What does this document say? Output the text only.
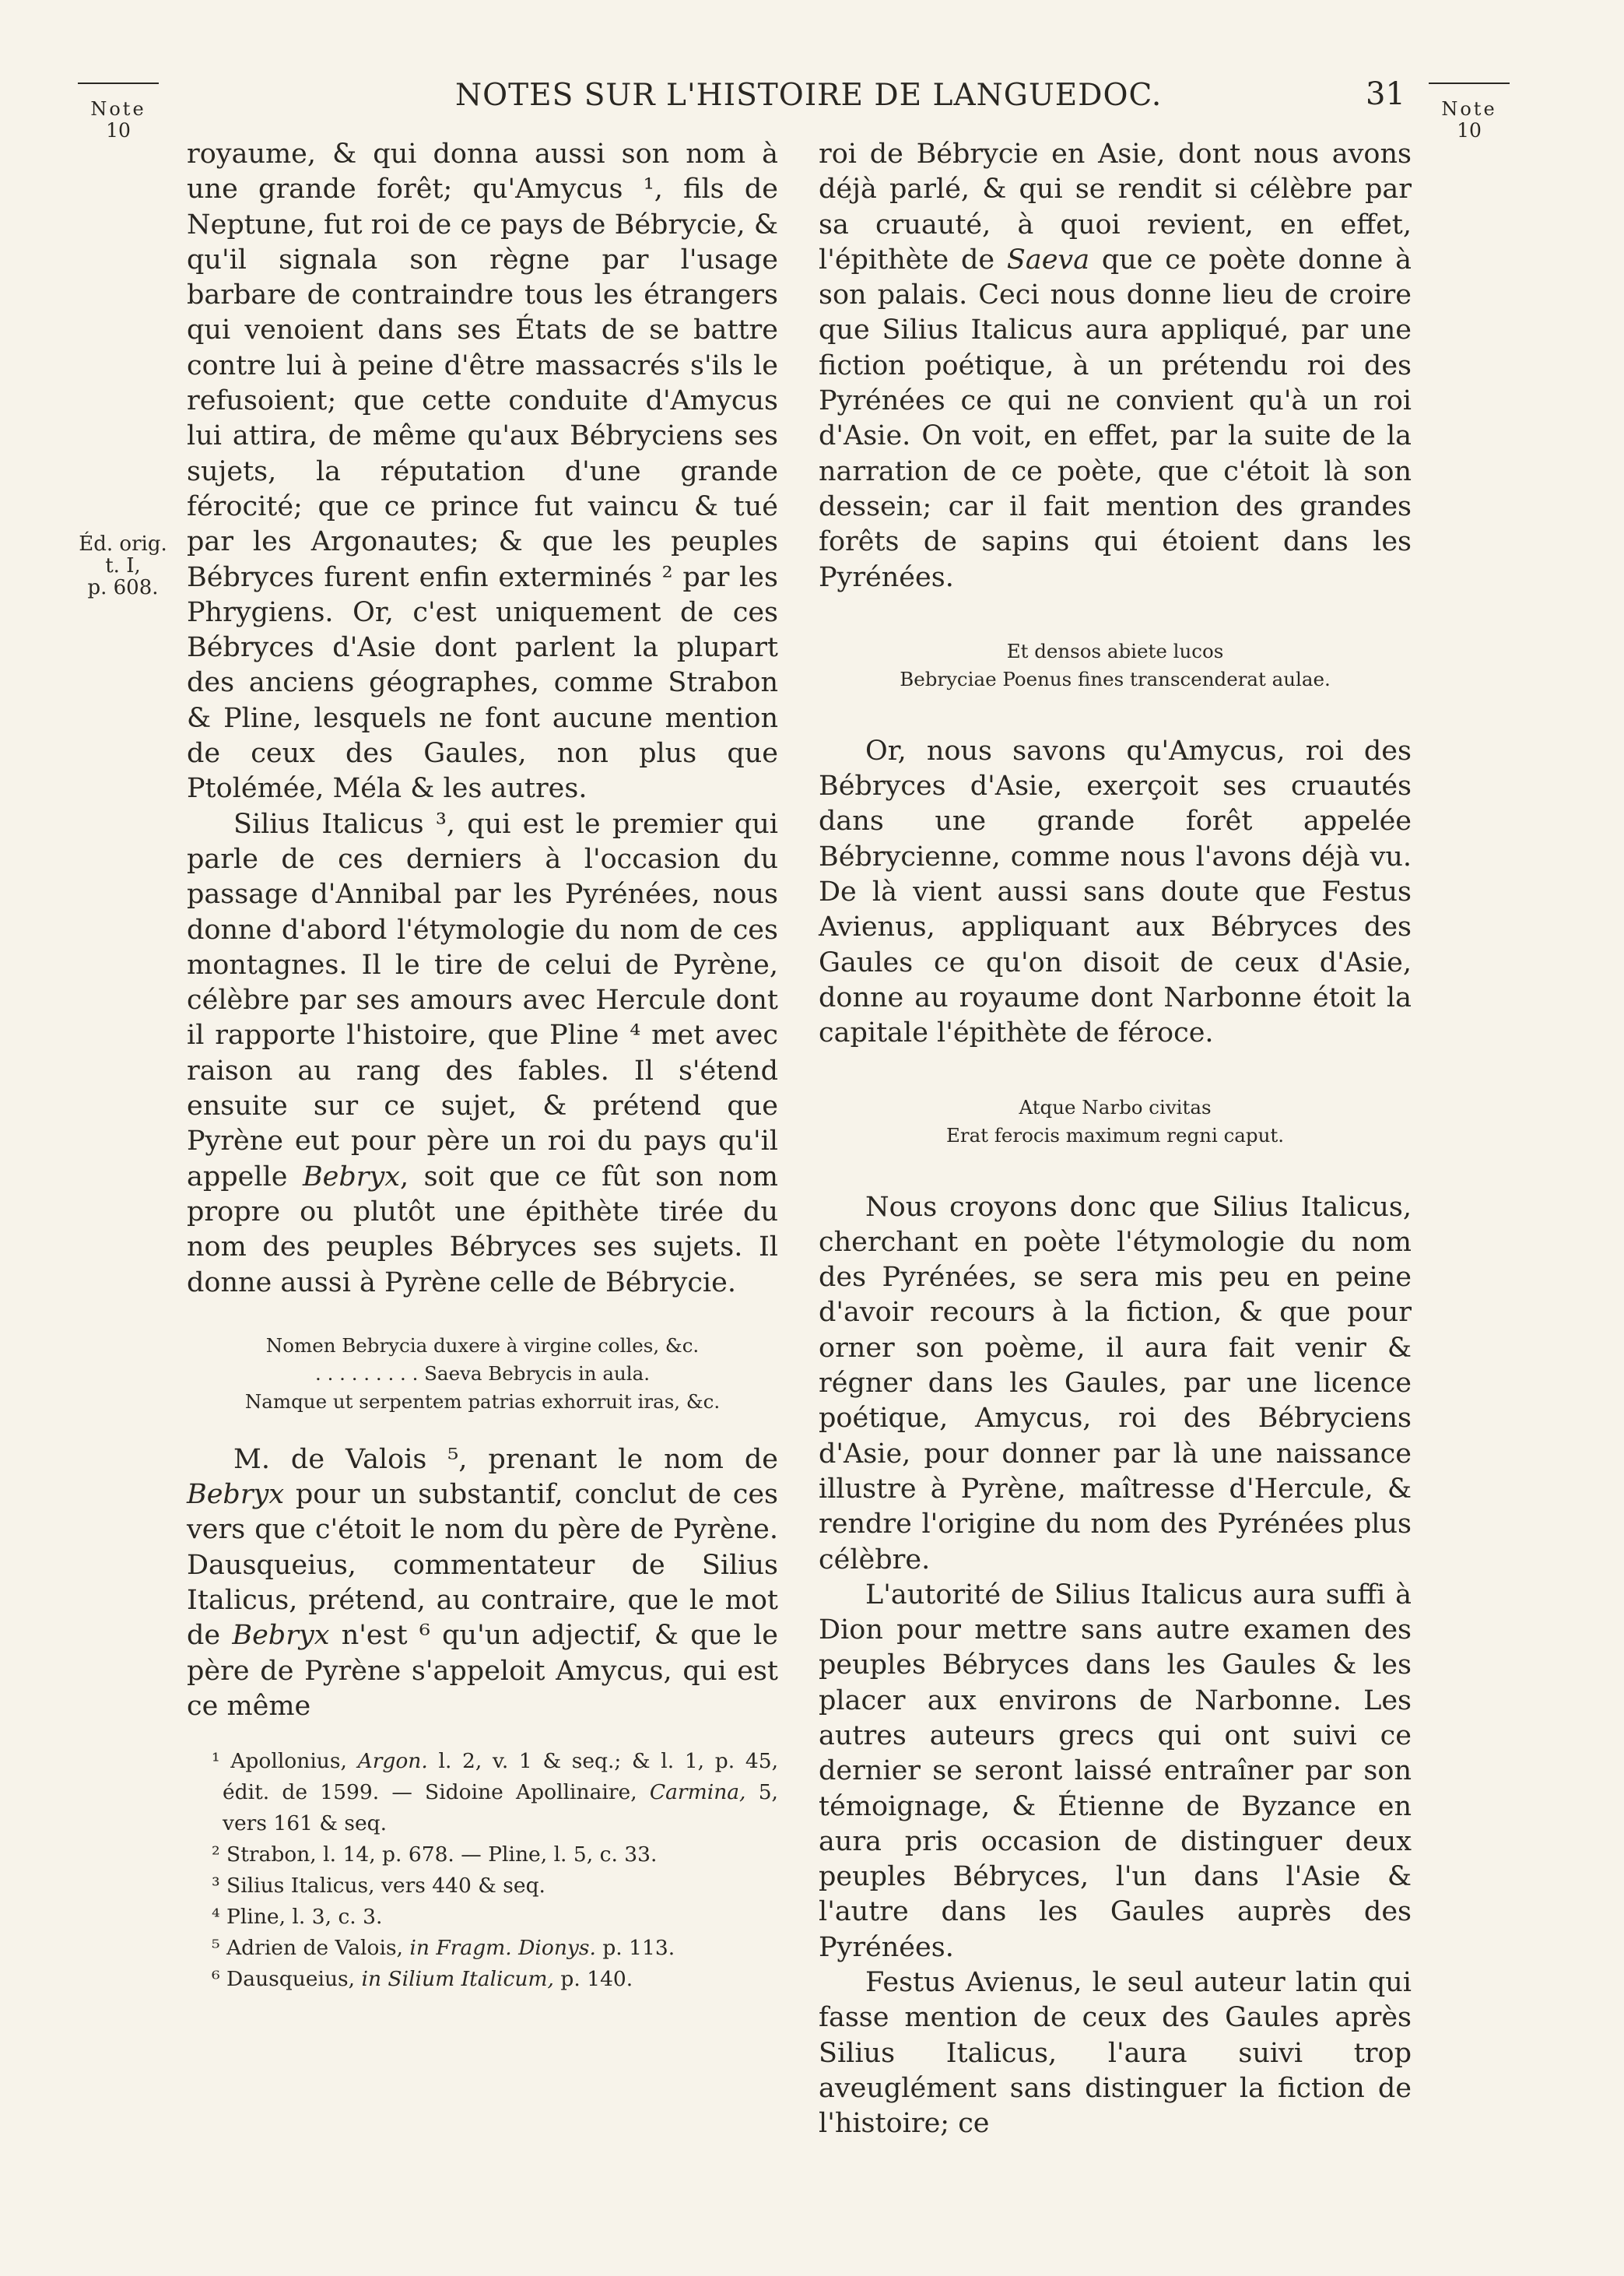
Note
10
NOTES SUR L'HISTOIRE DE LANGUEDOC.	31	Note
10
Éd. orig.
t. I,
p. 608.

royaume, & qui donna aussi son nom à une grande forêt; qu'Amycus ¹, fils de Neptune, fut roi de ce pays de Bébrycie, & qu'il signala son règne par l'usage barbare de contraindre tous les étrangers qui venoient dans ses États de se battre contre lui à peine d'être massacrés s'ils le refusoient; que cette conduite d'Amycus lui attira, de même qu'aux Bébryciens ses sujets, la réputation d'une grande férocité; que ce prince fut vaincu & tué par les Argonautes; & que les peuples Bébryces furent enfin exterminés ² par les Phrygiens. Or, c'est uniquement de ces Bébryces d'Asie dont parlent la plupart des anciens géographes, comme Strabon & Pline, lesquels ne font aucune mention de ceux des Gaules, non plus que Ptolémée, Méla & les autres.

Silius Italicus ³, qui est le premier qui parle de ces derniers à l'occasion du passage d'Annibal par les Pyrénées, nous donne d'abord l'étymologie du nom de ces montagnes. Il le tire de celui de Pyrène, célèbre par ses amours avec Hercule dont il rapporte l'histoire, que Pline ⁴ met avec raison au rang des fables. Il s'étend ensuite sur ce sujet, & prétend que Pyrène eut pour père un roi du pays qu'il appelle Bebryx, soit que ce fût son nom propre ou plutôt une épithète tirée du nom des peuples Bébryces ses sujets. Il donne aussi à Pyrène celle de Bébrycie.

Nomen Bebrycia duxere à virgine colles, &c.
. . . . . . . . . Saeva Bebrycis in aula.
Namque ut serpentem patrias exhorruit iras, &c.

M. de Valois ⁵, prenant le nom de Bebryx pour un substantif, conclut de ces vers que c'étoit le nom du père de Pyrène. Dausqueius, commentateur de Silius Italicus, prétend, au contraire, que le mot de Bebryx n'est ⁶ qu'un adjectif, & que le père de Pyrène s'appeloit Amycus, qui est ce même

¹ Apollonius, Argon. l. 2, v. 1 & seq.; & l. 1, p. 45, édit. de 1599. — Sidoine Apollinaire, Carmina, 5, vers 161 & seq.
² Strabon, l. 14, p. 678. — Pline, l. 5, c. 33.
³ Silius Italicus, vers 440 & seq.
⁴ Pline, l. 3, c. 3.
⁵ Adrien de Valois, in Fragm. Dionys. p. 113.
⁶ Dausqueius, in Silium Italicum, p. 140.

roi de Bébrycie en Asie, dont nous avons déjà parlé, & qui se rendit si célèbre par sa cruauté, à quoi revient, en effet, l'épithète de Saeva que ce poète donne à son palais. Ceci nous donne lieu de croire que Silius Italicus aura appliqué, par une fiction poétique, à un prétendu roi des Pyrénées ce qui ne convient qu'à un roi d'Asie. On voit, en effet, par la suite de la narration de ce poète, que c'étoit là son dessein; car il fait mention des grandes forêts de sapins qui étoient dans les Pyrénées.

Et densos abiete lucos
Bebryciae Poenus fines transcenderat aulae.

Or, nous savons qu'Amycus, roi des Bébryces d'Asie, exerçoit ses cruautés dans une grande forêt appelée Bébrycienne, comme nous l'avons déjà vu. De là vient aussi sans doute que Festus Avienus, appliquant aux Bébryces des Gaules ce qu'on disoit de ceux d'Asie, donne au royaume dont Narbonne étoit la capitale l'épithète de féroce.

Atque Narbo civitas
Erat ferocis maximum regni caput.

Nous croyons donc que Silius Italicus, cherchant en poète l'étymologie du nom des Pyrénées, se sera mis peu en peine d'avoir recours à la fiction, & que pour orner son poème, il aura fait venir & régner dans les Gaules, par une licence poétique, Amycus, roi des Bébryciens d'Asie, pour donner par là une naissance illustre à Pyrène, maîtresse d'Hercule, & rendre l'origine du nom des Pyrénées plus célèbre.

L'autorité de Silius Italicus aura suffi à Dion pour mettre sans autre examen des peuples Bébryces dans les Gaules & les placer aux environs de Narbonne. Les autres auteurs grecs qui ont suivi ce dernier se seront laissé entraîner par son témoignage, & Étienne de Byzance en aura pris occasion de distinguer deux peuples Bébryces, l'un dans l'Asie & l'autre dans les Gaules auprès des Pyrénées.

Festus Avienus, le seul auteur latin qui fasse mention de ceux des Gaules après Silius Italicus, l'aura suivi trop aveuglément sans distinguer la fiction de l'histoire; ce
